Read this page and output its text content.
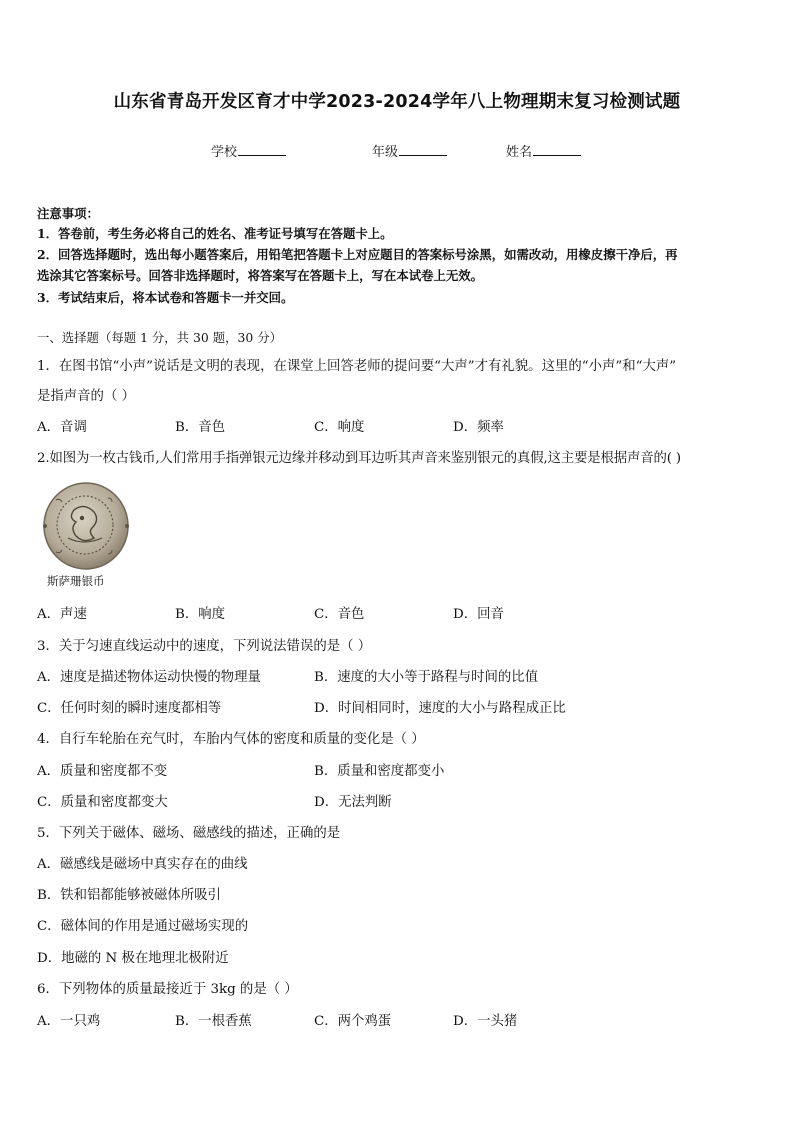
山东省青岛开发区育才中学2023-2024学年八上物理期末复习检测试题
学校	年级	姓名
注意事项：
1．答卷前，考生务必将自己的姓名、准考证号填写在答题卡上。
2．回答选择题时，选出每小题答案后，用铅笔把答题卡上对应题目的答案标号涂黑，如需改动，用橡皮擦干净后，再
选涂其它答案标号。回答非选择题时，将答案写在答题卡上，写在本试卷上无效。
3．考试结束后，将本试卷和答题卡一并交回。
一、选择题（每题 1 分，共 30 题，30 分）
1．在图书馆“小声”说话是文明的表现，在课堂上回答老师的提问要“大声”才有礼貌。这里的“小声”和“大声”
是指声音的（ ）
A．音调	B．音色	C．响度	D．频率
2.如图为一枚古钱币,人们常用手指弹银元边缘并移动到耳边听其声音来鉴别银元的真假,这主要是根据声音的( )
斯萨珊银币
A．声速	B．响度	C．音色	D．回音
3．关于匀速直线运动中的速度，下列说法错误的是（ ）
A．速度是描述物体运动快慢的物理量	B．速度的大小等于路程与时间的比值
C．任何时刻的瞬时速度都相等	D．时间相同时，速度的大小与路程成正比
4．自行车轮胎在充气时，车胎内气体的密度和质量的变化是（ ）
A．质量和密度都不变	B．质量和密度都变小
C．质量和密度都变大	D．无法判断
5．下列关于磁体、磁场、磁感线的描述，正确的是
A．磁感线是磁场中真实存在的曲线
B．铁和铝都能够被磁体所吸引
C．磁体间的作用是通过磁场实现的
D．地磁的 N 极在地理北极附近
6．下列物体的质量最接近于 3kg 的是（ ）
A．一只鸡	B．一根香蕉	C．两个鸡蛋	D．一头猪
